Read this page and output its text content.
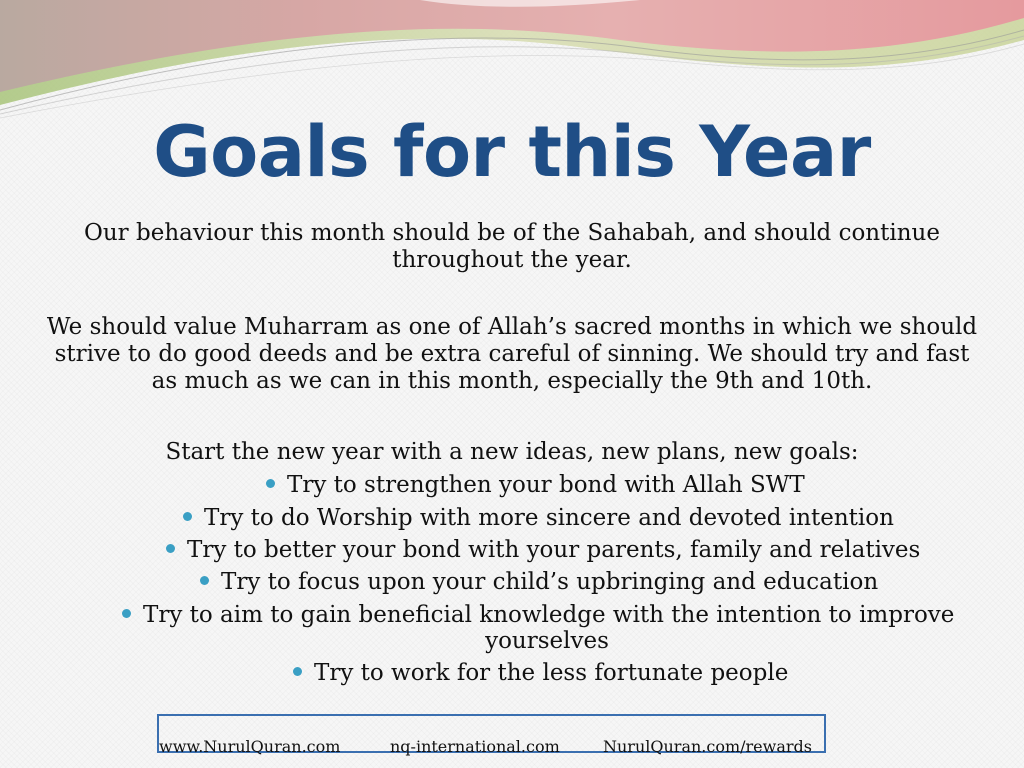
Goals for this Year
Our behaviour this month should be of the Sahabah, and should continue throughout the year.
We should value Muharram as one of Allah’s sacred months in which we should strive to do good deeds and be extra careful of sinning. We should try and fast as much as we can in this month, especially the 9th and 10th.
Start the new year with a new ideas, new plans, new goals:
Try to strengthen your bond with Allah SWT
Try to do Worship with more sincere and devoted intention
Try to better your bond with your parents, family and relatives
Try to focus upon your child’s upbringing and education
Try to aim to gain beneficial knowledge with the intention to improve
yourselves
Try to work for the less fortunate people
www.NurulQuran.com	nq-international.com	NurulQuran.com/rewards
